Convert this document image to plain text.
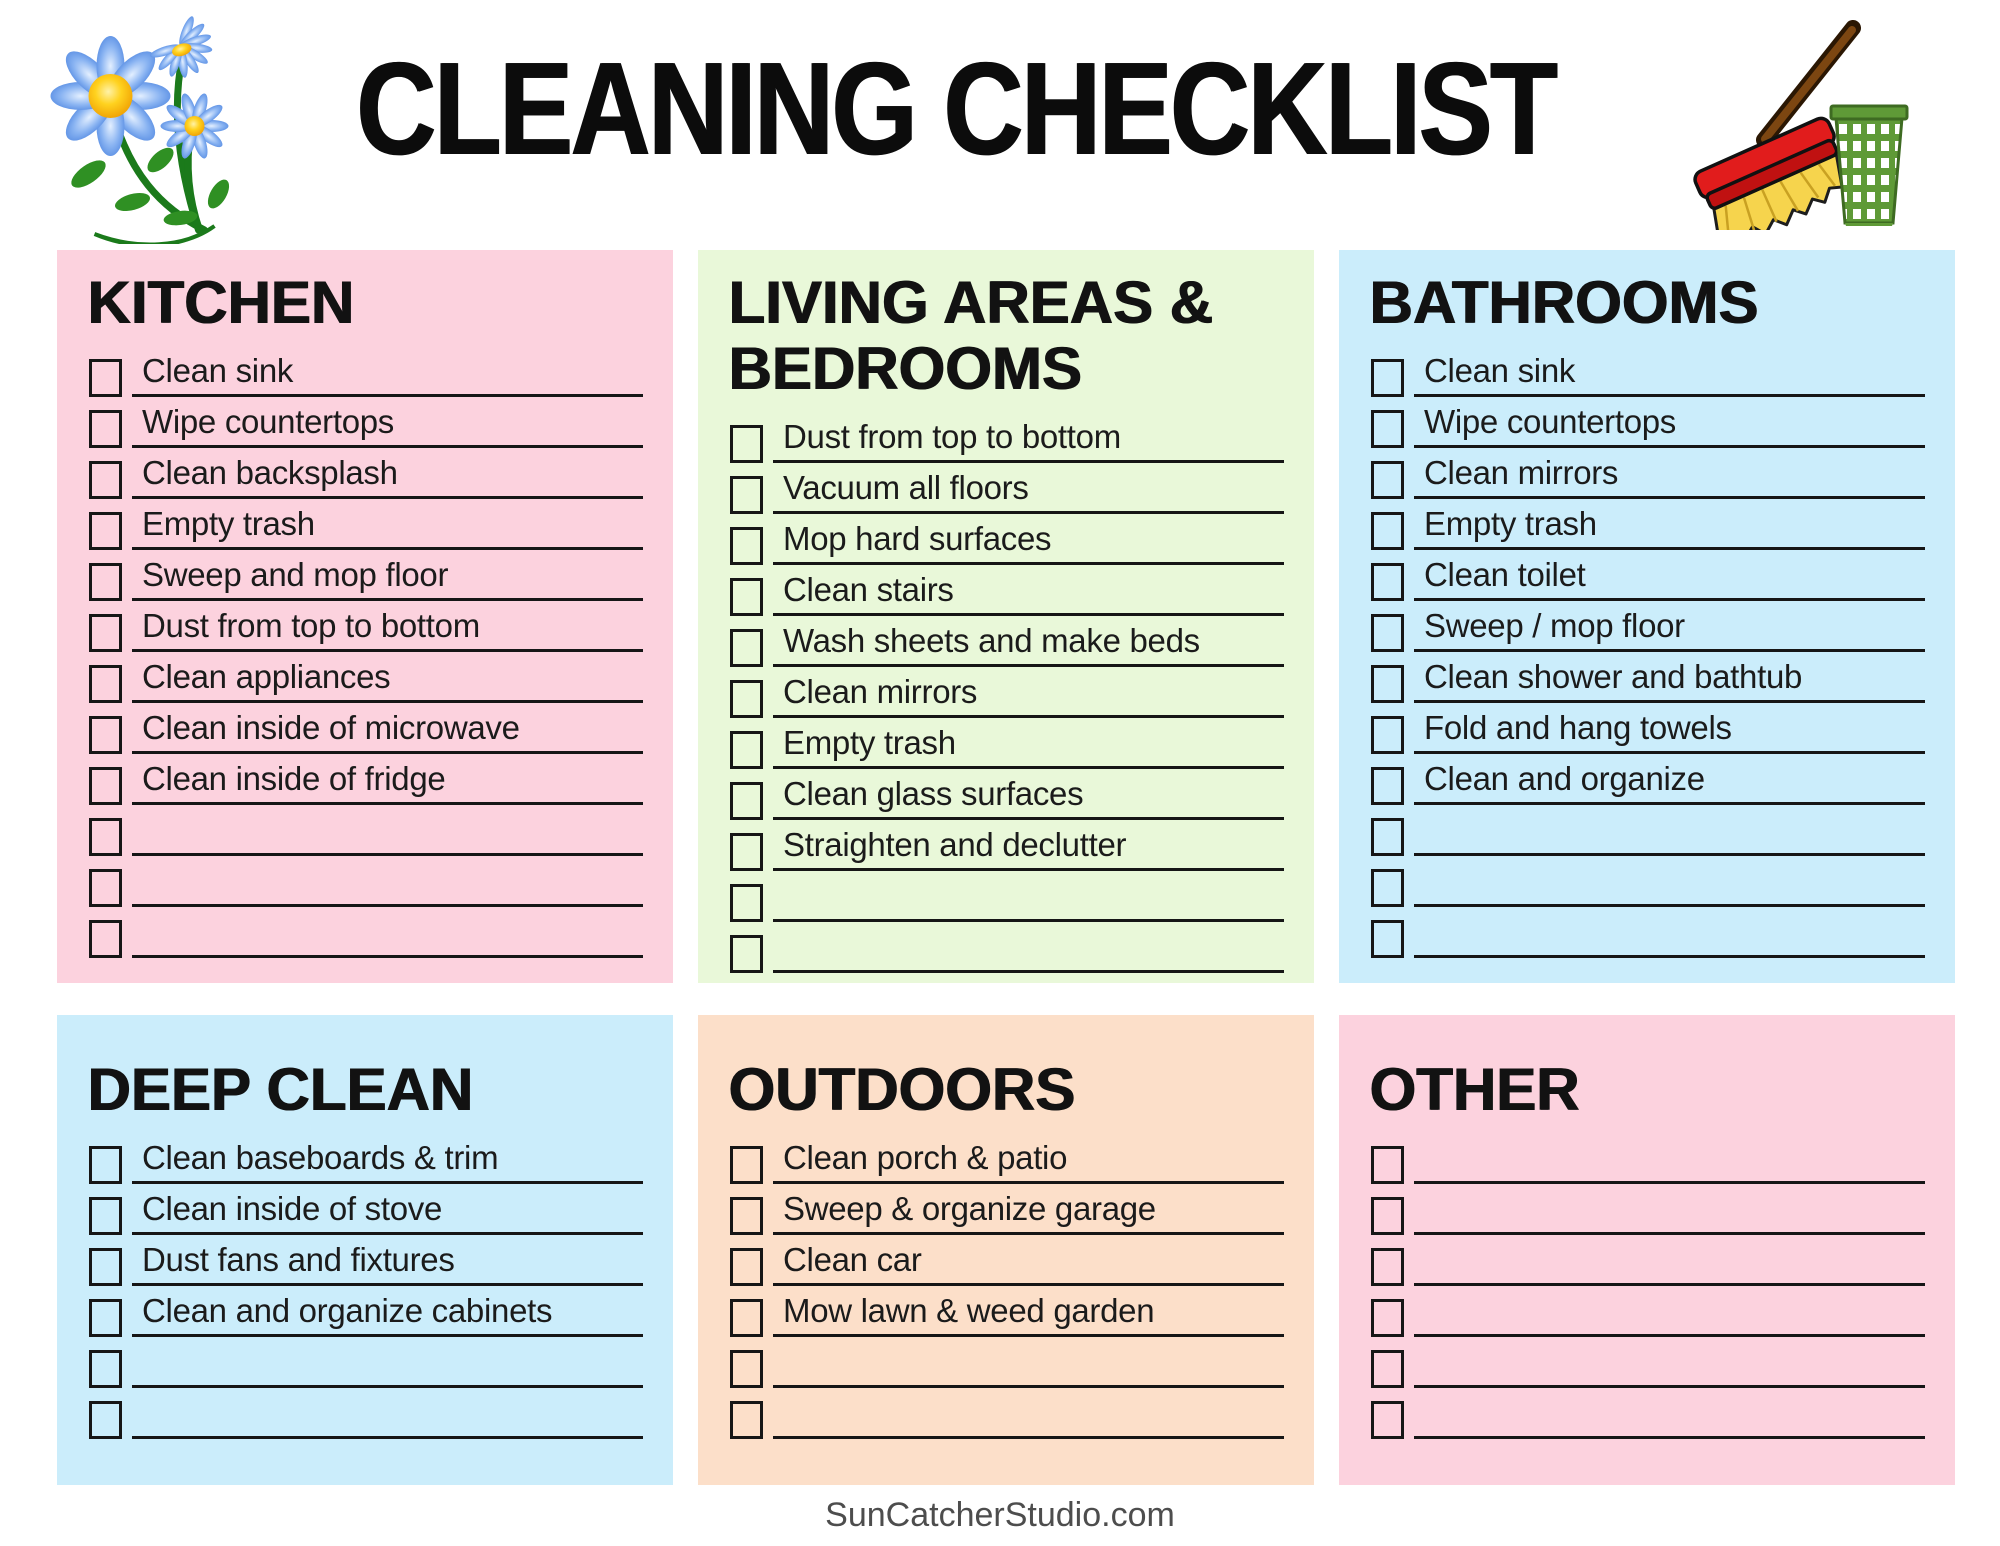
CLEANING CHECKLIST
KITCHEN
Clean sink
Wipe countertops
Clean backsplash
Empty trash
Sweep and mop floor
Dust from top to bottom
Clean appliances
Clean inside of microwave
Clean inside of fridge
LIVING AREAS & BEDROOMS
Dust from top to bottom
Vacuum all floors
Mop hard surfaces
Clean stairs
Wash sheets and make beds
Clean mirrors
Empty trash
Clean glass surfaces
Straighten and declutter
BATHROOMS
Clean sink
Wipe countertops
Clean mirrors
Empty trash
Clean toilet
Sweep / mop floor
Clean shower and bathtub
Fold and hang towels
Clean and organize
DEEP CLEAN
Clean baseboards & trim
Clean inside of stove
Dust fans and fixtures
Clean and organize cabinets
OUTDOORS
Clean porch & patio
Sweep & organize garage
Clean car
Mow lawn & weed garden
OTHER
SunCatcherStudio.com
